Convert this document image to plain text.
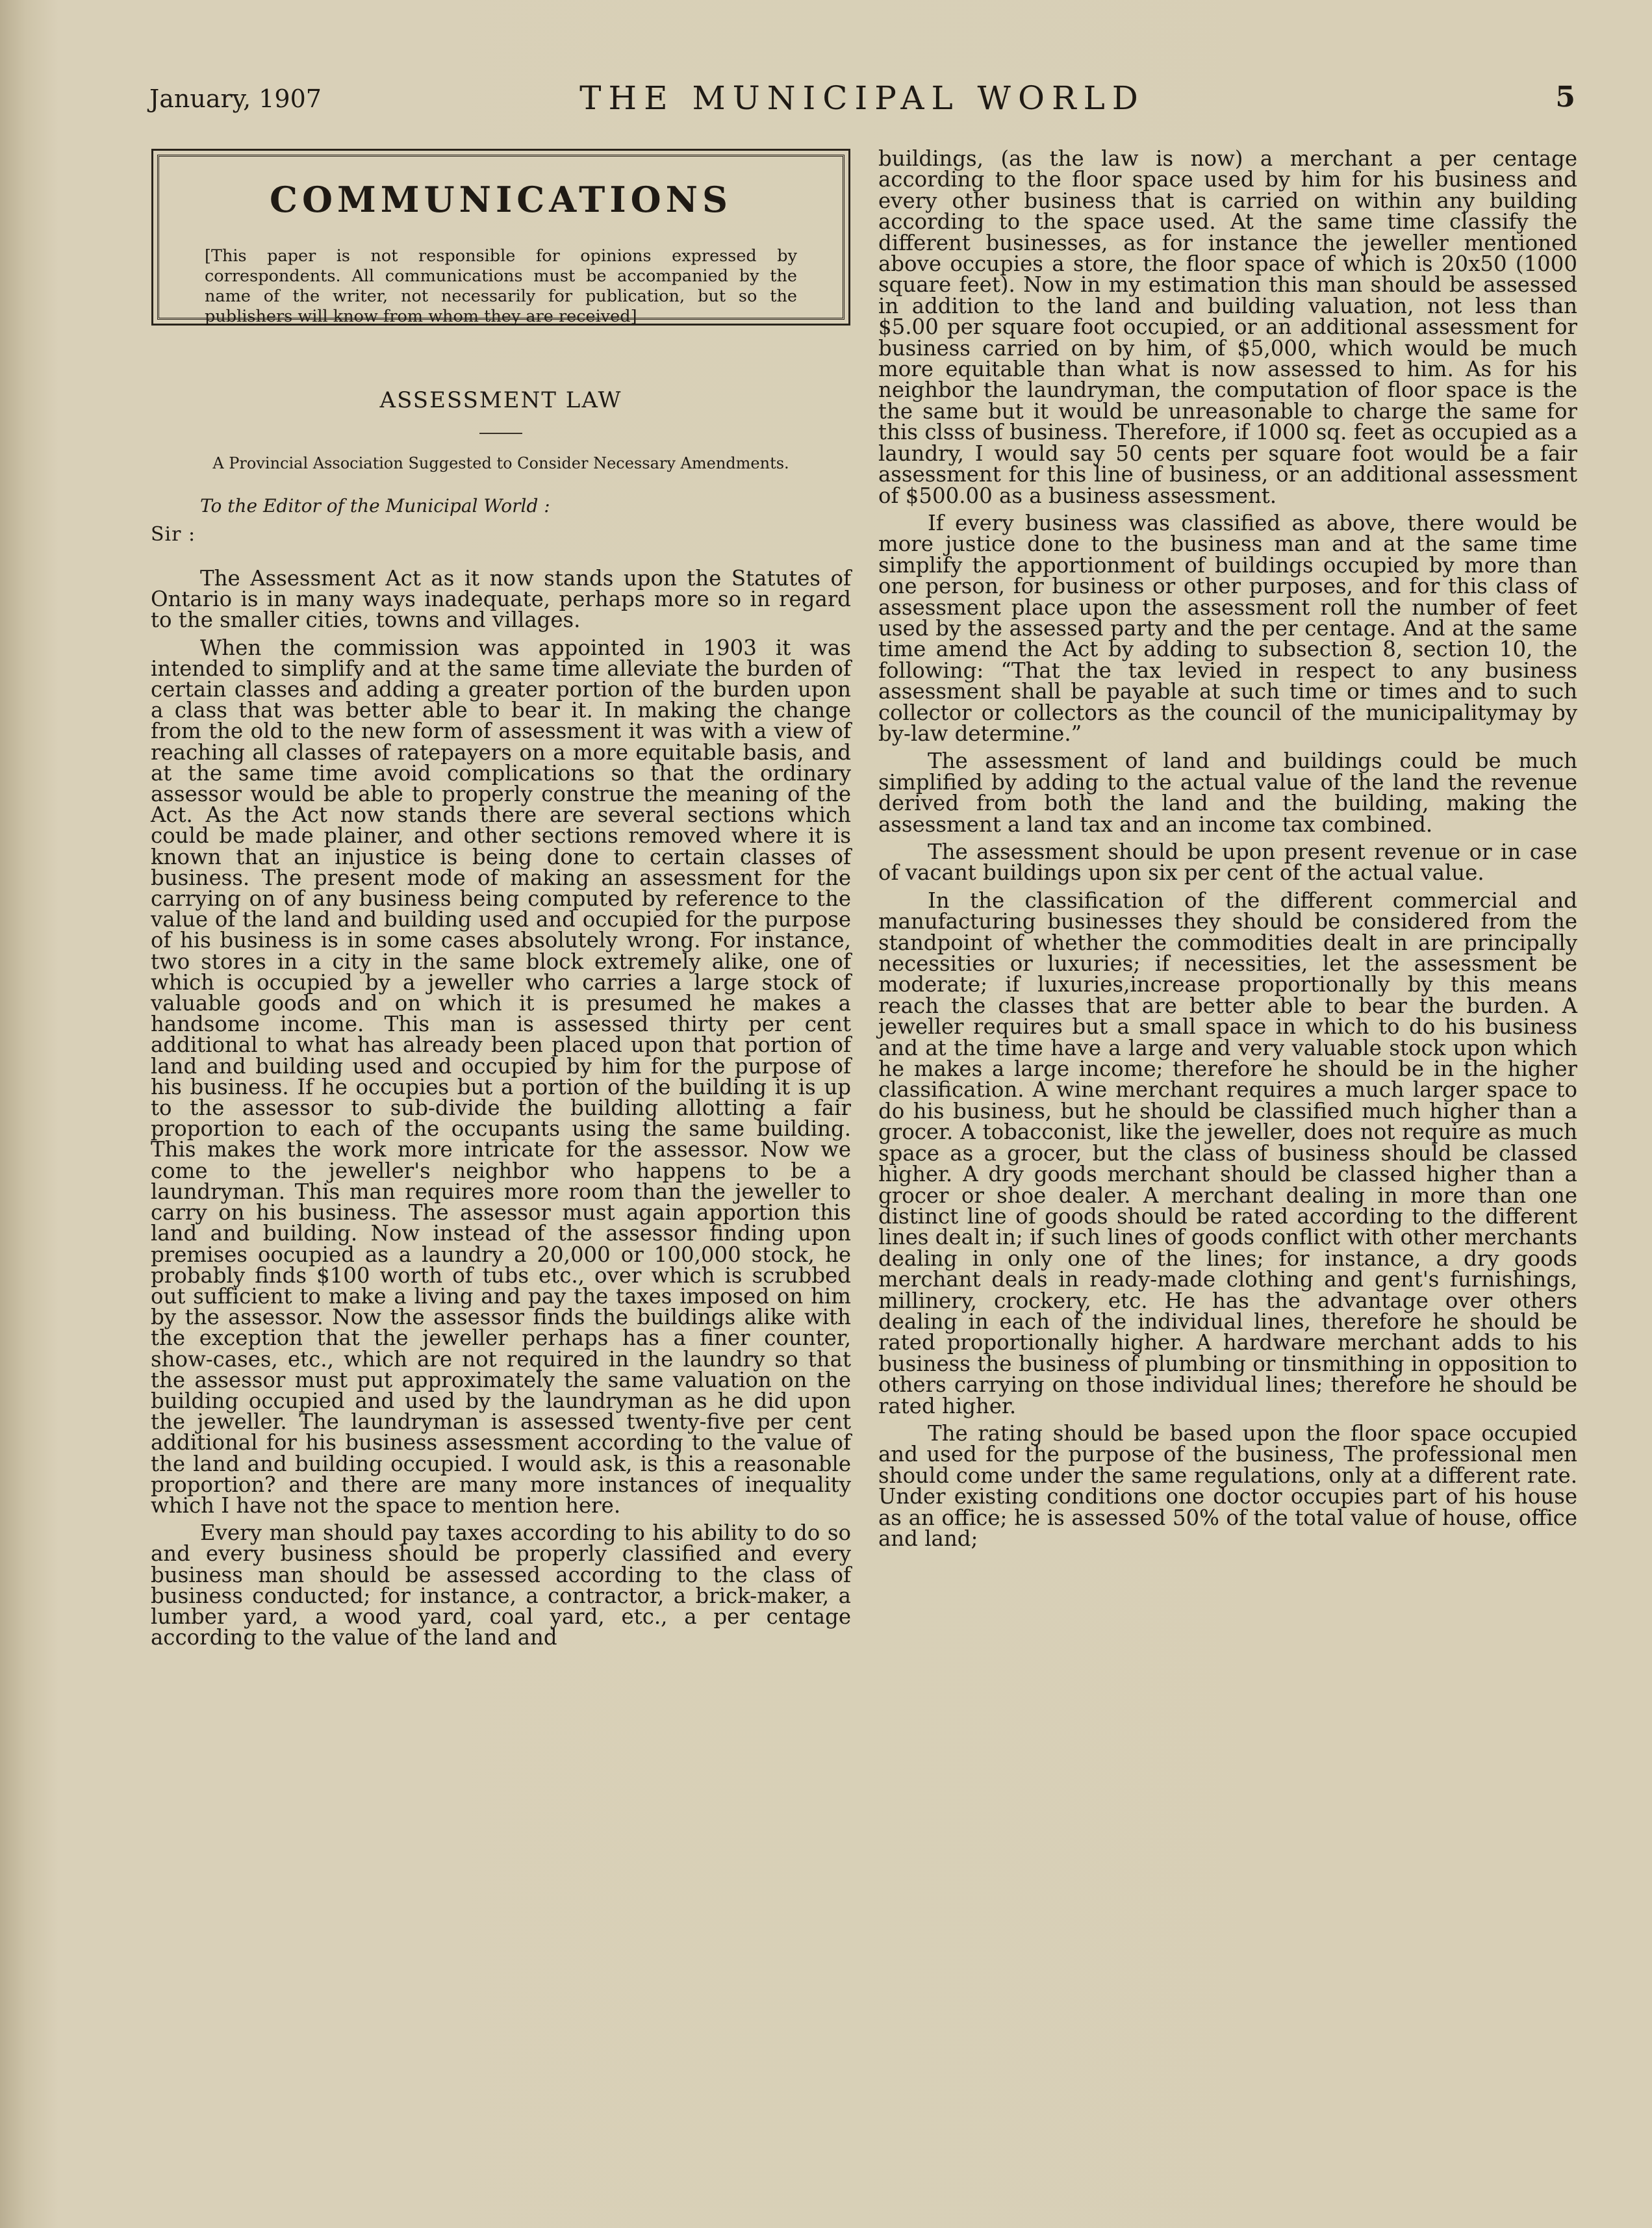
January, 1907	THE MUNICIPAL WORLD	5
COMMUNICATIONS
[This paper is not responsible for opinions expressed by correspondents. All communications must be accompanied by the name of the writer, not necessarily for publication, but so the publishers will know from whom they are received]
ASSESSMENT LAW
A Provincial Association Suggested to Consider Necessary Amendments.
To the Editor of the Municipal World :
Sir :

The Assessment Act as it now stands upon the Statutes of Ontario is in many ways inadequate, perhaps more so in regard to the smaller cities, towns and villages.

When the commission was appointed in 1903 it was intended to simplify and at the same time alleviate the burden of certain classes and adding a greater portion of the burden upon a class that was better able to bear it. In making the change from the old to the new form of assessment it was with a view of reaching all classes of ratepayers on a more equitable basis, and at the same time avoid complications so that the ordinary assessor would be able to properly construe the meaning of the Act. As the Act now stands there are several sections which could be made plainer, and other sections removed where it is known that an injustice is being done to certain classes of business. The present mode of making an assessment for the carrying on of any business being computed by reference to the value of the land and building used and occupied for the purpose of his business is in some cases absolutely wrong. For instance, two stores in a city in the same block extremely alike, one of which is occupied by a jeweller who carries a large stock of valuable goods and on which it is presumed he makes a handsome income. This man is assessed thirty per cent additional to what has already been placed upon that portion of land and building used and occupied by him for the purpose of his business. If he occupies but a portion of the building it is up to the assessor to sub-divide the building allotting a fair proportion to each of the occupants using the same building. This makes the work more intricate for the assessor. Now we come to the jeweller's neighbor who happens to be a laundryman. This man requires more room than the jeweller to carry on his business. The assessor must again apportion this land and building. Now instead of the assessor finding upon premises oocupied as a laundry a 20,000 or 100,000 stock, he probably finds $100 worth of tubs etc., over which is scrubbed out sufficient to make a living and pay the taxes imposed on him by the assessor. Now the assessor finds the buildings alike with the exception that the jeweller perhaps has a finer counter, show-cases, etc., which are not required in the laundry so that the assessor must put approximately the same valuation on the building occupied and used by the laundryman as he did upon the jeweller. The laundryman is assessed twenty-five per cent additional for his business assessment according to the value of the land and building occupied. I would ask, is this a reasonable proportion? and there are many more instances of inequality which I have not the space to mention here.

Every man should pay taxes according to his ability to do so and every business should be properly classified and every business man should be assessed according to the class of business conducted; for instance, a contractor, a brick-maker, a lumber yard, a wood yard, coal yard, etc., a per centage according to the value of the land and

buildings, (as the law is now) a merchant a per centage according to the floor space used by him for his business and every other business that is carried on within any building according to the space used. At the same time classify the different businesses, as for instance the jeweller mentioned above occupies a store, the floor space of which is 20x50 (1000 square feet). Now in my estimation this man should be assessed in addition to the land and building valuation, not less than $5.00 per square foot occupied, or an additional assessment for business carried on by him, of $5,000, which would be much more equitable than what is now assessed to him. As for his neighbor the laundryman, the computation of floor space is the the same but it would be unreasonable to charge the same for this clsss of business. Therefore, if 1000 sq. feet as occupied as a laundry, I would say 50 cents per square foot would be a fair assessment for this line of business, or an additional assessment of $500.00 as a business assessment.

If every business was classified as above, there would be more justice done to the business man and at the same time simplify the apportionment of buildings occupied by more than one person, for business or other purposes, and for this class of assessment place upon the assessment roll the number of feet used by the assessed party and the per centage. And at the same time amend the Act by adding to subsection 8, section 10, the following: “That the tax levied in respect to any business assessment shall be payable at such time or times and to such collector or collectors as the council of the municipalitymay by by-law determine.”

The assessment of land and buildings could be much simplified by adding to the actual value of the land the revenue derived from both the land and the building, making the assessment a land tax and an income tax combined.

The assessment should be upon present revenue or in case of vacant buildings upon six per cent of the actual value.

In the classification of the different commercial and manufacturing businesses they should be considered from the standpoint of whether the commodities dealt in are principally necessities or luxuries; if necessities, let the assessment be moderate; if luxuries,increase proportionally by this means reach the classes that are better able to bear the burden. A jeweller requires but a small space in which to do his business and at the time have a large and very valuable stock upon which he makes a large income; therefore he should be in the higher classification. A wine merchant requires a much larger space to do his business, but he should be classified much higher than a grocer. A tobacconist, like the jeweller, does not require as much space as a grocer, but the class of business should be classed higher. A dry goods merchant should be classed higher than a grocer or shoe dealer. A merchant dealing in more than one distinct line of goods should be rated according to the different lines dealt in; if such lines of goods conflict with other merchants dealing in only one of the lines; for instance, a dry goods merchant deals in ready-made clothing and gent's furnishings, millinery, crockery, etc. He has the advantage over others dealing in each of the individual lines, therefore he should be rated proportionally higher. A hardware merchant adds to his business the business of plumbing or tinsmithing in opposition to others carrying on those individual lines; therefore he should be rated higher.

The rating should be based upon the floor space occupied and used for the purpose of the business, The professional men should come under the same regulations, only at a different rate. Under existing conditions one doctor occupies part of his house as an office; he is assessed 50% of the total value of house, office and land;
